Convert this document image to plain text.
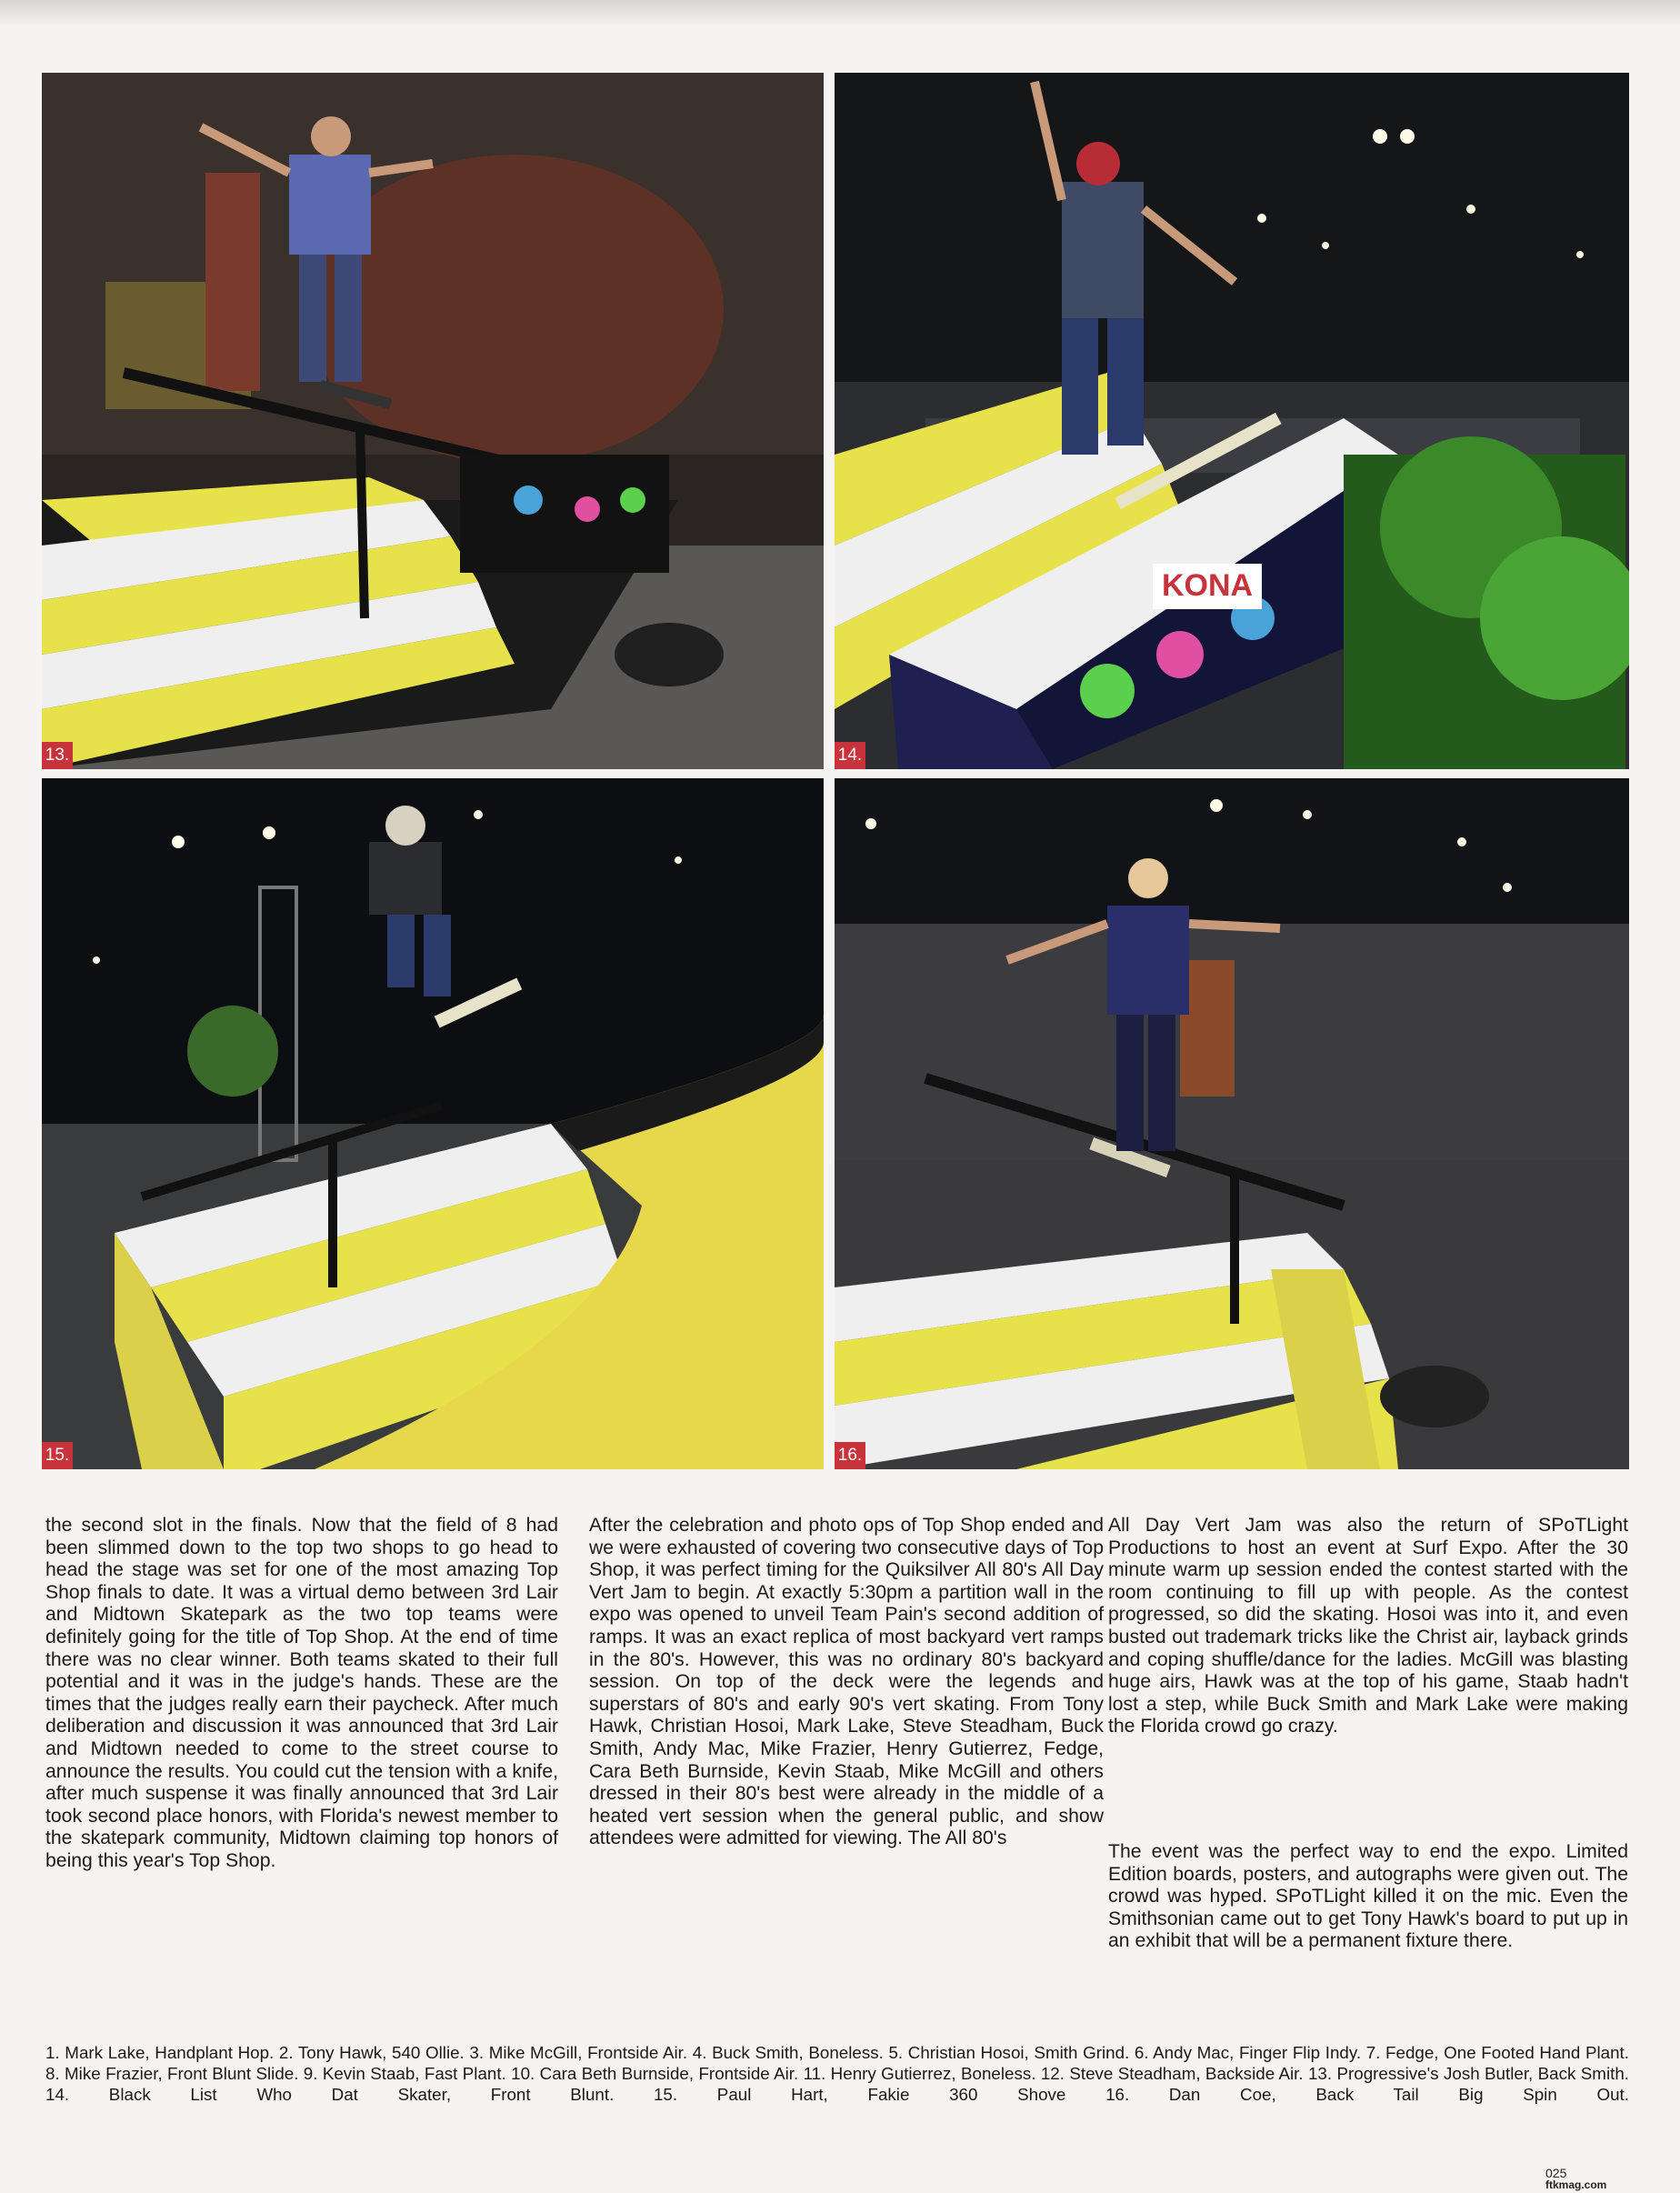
13.
KONA
14.
15.	16.
the second slot in the finals. Now that the field of 8 had been slimmed down to the top two shops to go head to head the stage was set for one of the most amazing Top Shop finals to date. It was a virtual demo between 3rd Lair and Midtown Skatepark as the two top teams were definitely going for the title of Top Shop. At the end of time there was no clear winner. Both teams skated to their full potential and it was in the judge's hands. These are the times that the judges really earn their paycheck. After much deliberation and discussion it was announced that 3rd Lair and Midtown needed to come to the street course to announce the results. You could cut the tension with a knife, after much suspense it was finally announced that 3rd Lair took second place honors, with Florida's newest member to the skatepark community, Midtown claiming top honors of being this year's Top Shop.
After the celebration and photo ops of Top Shop ended and we were exhausted of covering two consecutive days of Top Shop, it was perfect timing for the Quiksilver All 80's All Day Vert Jam to begin. At exactly 5:30pm a partition wall in the expo was opened to unveil Team Pain's second addition of ramps. It was an exact replica of most backyard vert ramps in the 80's. However, this was no ordinary 80's backyard session. On top of the deck were the legends and superstars of 80's and early 90's vert skating. From Tony Hawk, Christian Hosoi, Mark Lake, Steve Steadham, Buck Smith, Andy Mac, Mike Frazier, Henry Gutierrez, Fedge, Cara Beth Burnside, Kevin Staab, Mike McGill and others dressed in their 80's best were already in the middle of a heated vert session when the general public, and show attendees were admitted for viewing. The All 80's
All Day Vert Jam was also the return of SPoTLight Productions to host an event at Surf Expo. After the 30 minute warm up session ended the contest started with the room continuing to fill up with people. As the contest progressed, so did the skating. Hosoi was into it, and even busted out trademark tricks like the Christ air, layback grinds and coping shuffle/dance for the ladies. McGill was blasting huge airs, Hawk was at the top of his game, Staab hadn't lost a step, while Buck Smith and Mark Lake were making the Florida crowd go crazy.
The event was the perfect way to end the expo. Limited Edition boards, posters, and autographs were given out. The crowd was hyped. SPoTLight killed it on the mic. Even the Smithsonian came out to get Tony Hawk's board to put up in an exhibit that will be a permanent fixture there.
1. Mark Lake, Handplant Hop. 2. Tony Hawk, 540 Ollie. 3. Mike McGill, Frontside Air. 4. Buck Smith, Boneless. 5. Christian Hosoi, Smith Grind. 6. Andy Mac, Finger Flip Indy. 7. Fedge, One Footed Hand Plant. 8. Mike Frazier, Front Blunt Slide. 9. Kevin Staab, Fast Plant. 10. Cara Beth Burnside, Frontside Air. 11. Henry Gutierrez, Boneless. 12. Steve Steadham, Backside Air. 13. Progressive's Josh Butler, Back Smith. 14. Black List Who Dat Skater, Front Blunt. 15. Paul Hart, Fakie 360 Shove 16. Dan Coe, Back Tail Big Spin Out.
025
ftkmag.com
